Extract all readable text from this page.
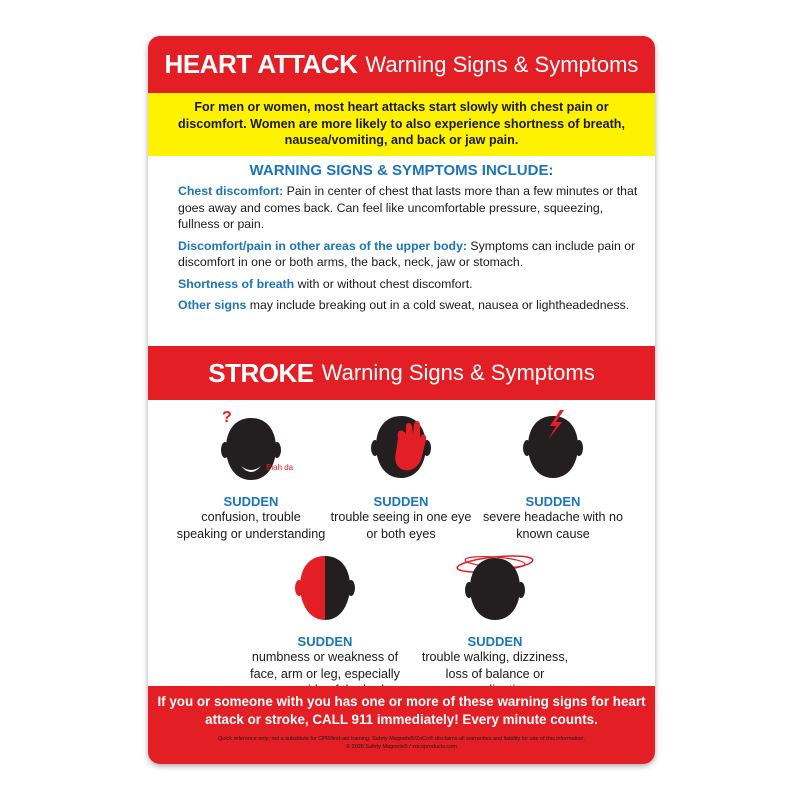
HEART ATTACK Warning Signs & Symptoms
For men or women, most heart attacks start slowly with chest pain or discomfort. Women are more likely to also experience shortness of breath, nausea/vomiting, and back or jaw pain.
WARNING SIGNS & SYMPTOMS INCLUDE:
Chest discomfort: Pain in center of chest that lasts more than a few minutes or that goes away and comes back. Can feel like uncomfortable pressure, squeezing, fullness or pain.
Discomfort/pain in other areas of the upper body: Symptoms can include pain or discomfort in one or both arms, the back, neck, jaw or stomach.
Shortness of breath with or without chest discomfort.
Other signs may include breaking out in a cold sweat, nausea or lightheadedness.
STROKE Warning Signs & Symptoms
?
Blah da
SUDDEN
confusion, trouble speaking or understanding
SUDDEN
trouble seeing in one eye or both eyes
SUDDEN
severe headache with no known cause
SUDDEN
numbness or weakness of face, arm or leg, especially
SUDDEN
trouble walking, dizziness, loss of balance or
If you or someone with you has one or more of these warning signs for heart attack or stroke, CALL 911 immediately! Every minute counts.
Quick reference only; not a substitute for CPR/first-aid training. Safety Magnets®/ZoCo® disclaims all warranties and liability for use of this information.
© 2026 Safety Magnets® / zocoproducts.com
